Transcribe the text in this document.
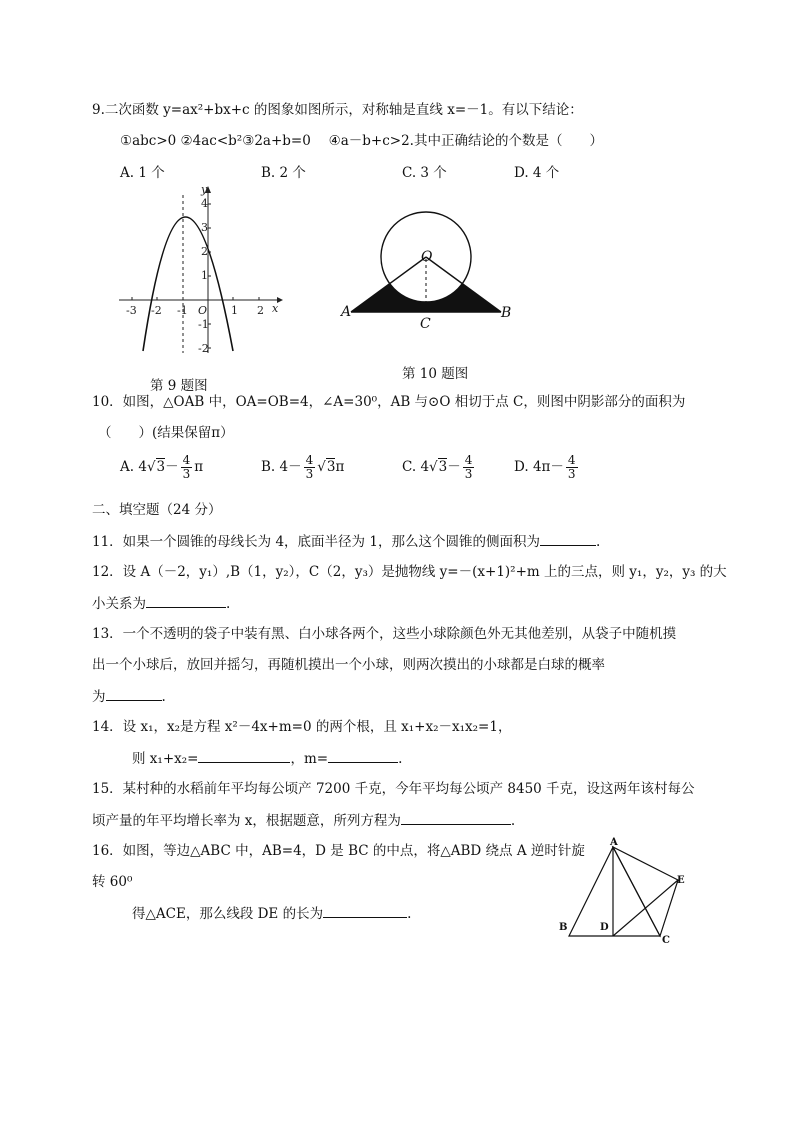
9.二次函数 y=ax²+bx+c 的图象如图所示，对称轴是直线 x=－1。有以下结论：
①abc>0 ②4ac<b²③2a+b=0　 ④a－b+c>2.其中正确结论的个数是（　　）
A. 1 个	B. 2 个	C. 3 个	D. 4 个
-3 -2 -1 O 1 2 x
4
3
2
1
-1
-2
y
第 9 题图
O
A	B
C
第 10 题图
10．如图，△OAB 中，OA=OB=4，∠A=30⁰，AB 与⊙O 相切于点 C，则图中阴影部分的面积为
（　　）(结果保留π）
A. $4√3- \frac{4}{3}$ π	B. $4- \frac{4}{3} √3\pi$	C. $4√3- \frac{4}{3}$	D. $4\pi- \frac{4}{3}$
二、填空题（24 分）
11．如果一个圆锥的母线长为 4，底面半径为 1，那么这个圆锥的侧面积为	.
12．设 A（－2，y₁）,B（1，y₂），C（2，y₃）是抛物线 y=－(x+1)²+m 上的三点，则 y₁，y₂，y₃ 的大
小关系为	.
13．一个不透明的袋子中装有黑、白小球各两个，这些小球除颜色外无其他差别，从袋子中随机摸
出一个小球后，放回并摇匀，再随机摸出一个小球，则两次摸出的小球都是白球的概率
为	.
14．设 x₁，x₂是方程 x²－4x+m=0 的两个根，且 x₁+x₂－x₁x₂=1，
则 x₁+x₂=	，m=	.
15．某村种的水稻前年平均每公顷产 7200 千克，今年平均每公顷产 8450 千克，设这两年该村每公
顷产量的年平均增长率为 x，根据题意，所列方程为	.
16．如图，等边△ABC 中，AB=4，D 是 BC 的中点，将△ABD 绕点 A 逆时针旋
转 60⁰
得△ACE，那么线段 DE 的长为	.
A
B	D
C
E
